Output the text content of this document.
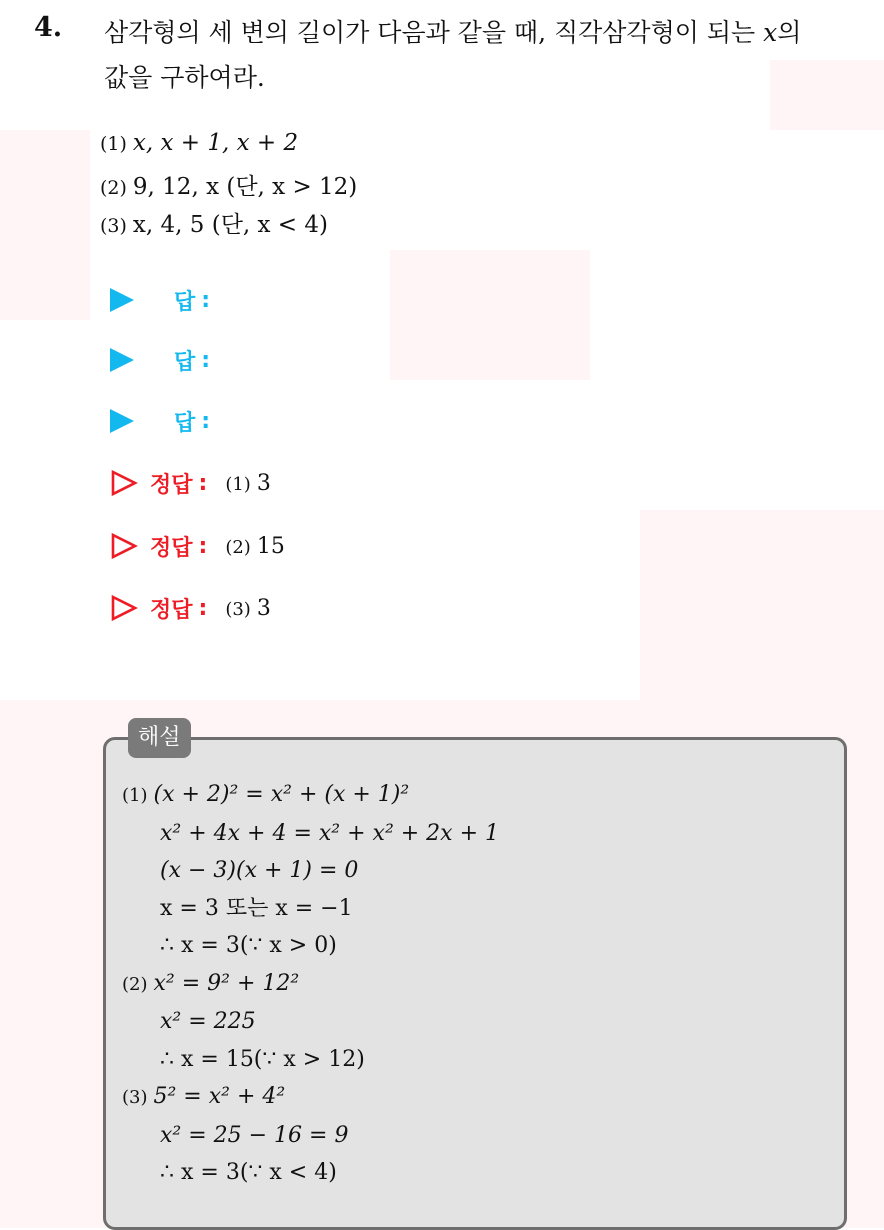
4. 삼각형의 세 변의 길이가 다음과 같을 때, 직각삼각형이 되는 x의
값을 구하여라.
(1) x, x + 1, x + 2
(2) 9, 12, x (단, x > 12)
(3) x, 4, 5 (단, x < 4)
답 :
답 :
답 :
정답 : (1) 3
정답 : (2) 15
정답 : (3) 3
해설
(1) (x + 2)² = x² + (x + 1)²
x² + 4x + 4 = x² + x² + 2x + 1
(x − 3)(x + 1) = 0
x = 3 또는 x = −1
∴ x = 3(∵ x > 0)
(2) x² = 9² + 12²
x² = 225
∴ x = 15(∵ x > 12)
(3) 5² = x² + 4²
x² = 25 − 16 = 9
∴ x = 3(∵ x < 4)
